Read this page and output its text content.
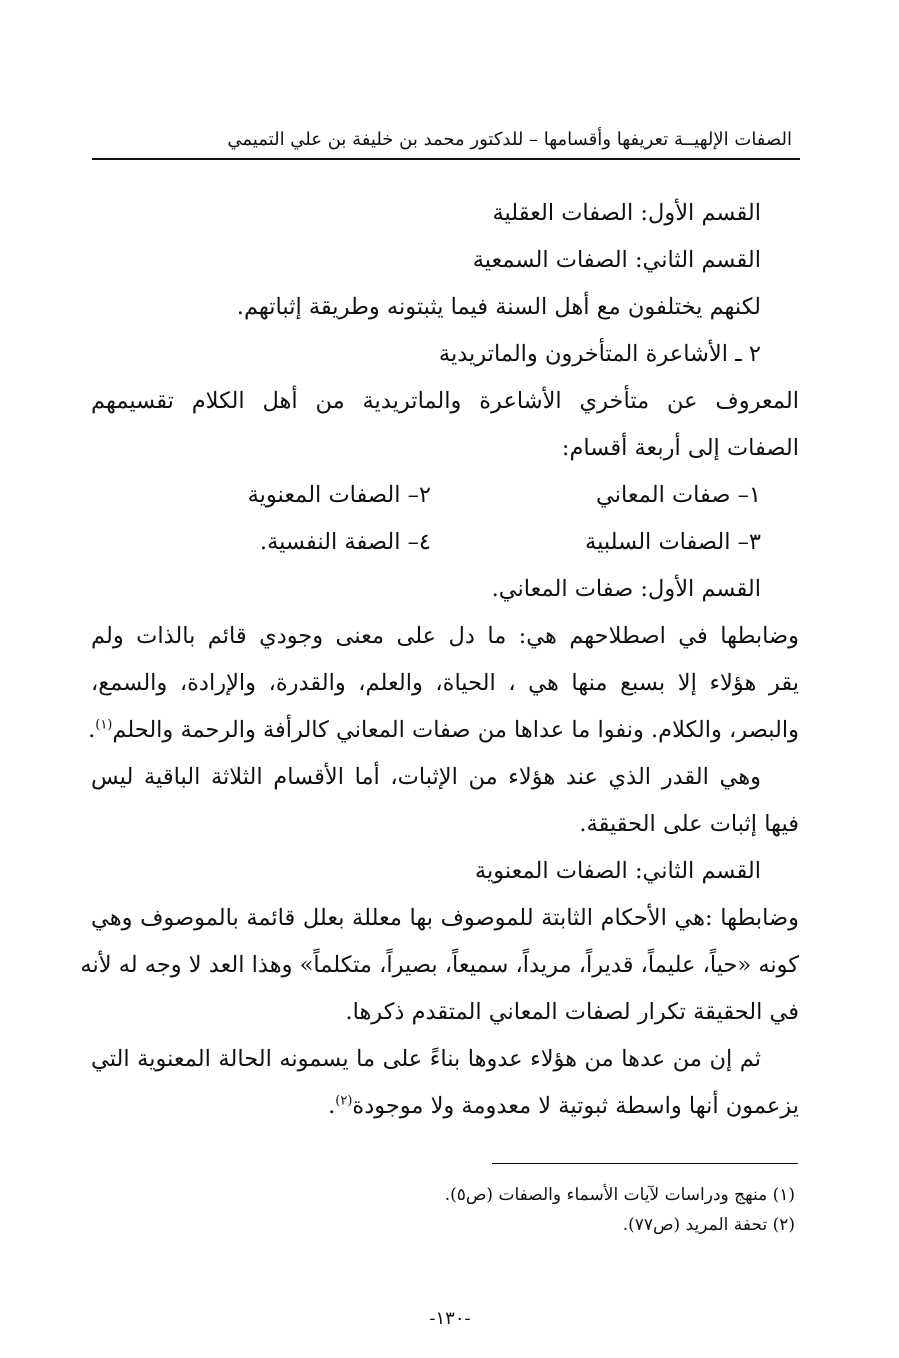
الصفات الإلهيــة تعريفها وأقسامها – للدكتور محمد بن خليفة بن علي التميمي
القسم الأول: الصفات العقلية
القسم الثاني: الصفات السمعية
لكنهم يختلفون مع أهل السنة فيما يثبتونه وطريقة إثباتهم.
٢ ـ الأشاعرة المتأخرون والماتريدية
المعروف عن متأخري الأشاعرة والماتريدية من أهل الكلام تقسيمهم
الصفات إلى أربعة أقسام:
١– صفات المعاني
٢– الصفات المعنوية
٣– الصفات السلبية
٤– الصفة النفسية.
القسم الأول: صفات المعاني.
وضابطها في اصطلاحهم هي: ما دل على معنى وجودي قائم بالذات ولم
يقر هؤلاء إلا بسبع منها هي ، الحياة، والعلم، والقدرة، والإرادة، والسمع،
والبصر، والكلام. ونفوا ما عداها من صفات المعاني كالرأفة والرحمة والحلم$^{(١)}$.
وهي القدر الذي عند هؤلاء من الإثبات، أما الأقسام الثلاثة الباقية ليس
فيها إثبات على الحقيقة.
القسم الثاني: الصفات المعنوية
وضابطها :هي الأحكام الثابتة للموصوف بها معللة بعلل قائمة بالموصوف وهي
كونه «حياً، عليماً، قديراً، مريداً، سميعاً، بصيراً، متكلماً» وهذا العد لا وجه له لأنه
في الحقيقة تكرار لصفات المعاني المتقدم ذكرها.
ثم إن من عدها من هؤلاء عدوها بناءً على ما يسمونه الحالة المعنوية التي
يزعمون أنها واسطة ثبوتية لا معدومة ولا موجودة$^{(٢)}$.
(١) منهج ودراسات لآيات الأسماء والصفات (ص٥).
(٢) تحفة المريد (ص٧٧).
-١٣٠-
